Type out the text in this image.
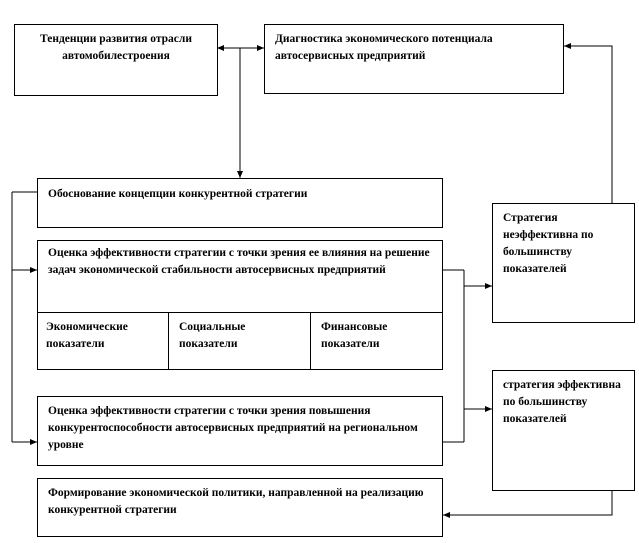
Тенденции развития отрасли автомобилестроения
Диагностика экономического потенциала автосервисных предприятий
Обоснование концепции конкурентной стратегии
Оценка эффективности стратегии с точки зрения ее влияния на решение задач экономической стабильности автосервисных предприятий
Экономические показатели
Социальные показатели
Финансовые показатели
Оценка эффективности стратегии с точки зрения повышения конкурентоспособности автосервисных предприятий на региональном уровне
Формирование экономической политики, направленной на реализацию конкурентной стратегии
Стратегия неэффективна по большинству показателей
стратегия эффективна по большинству показателей
